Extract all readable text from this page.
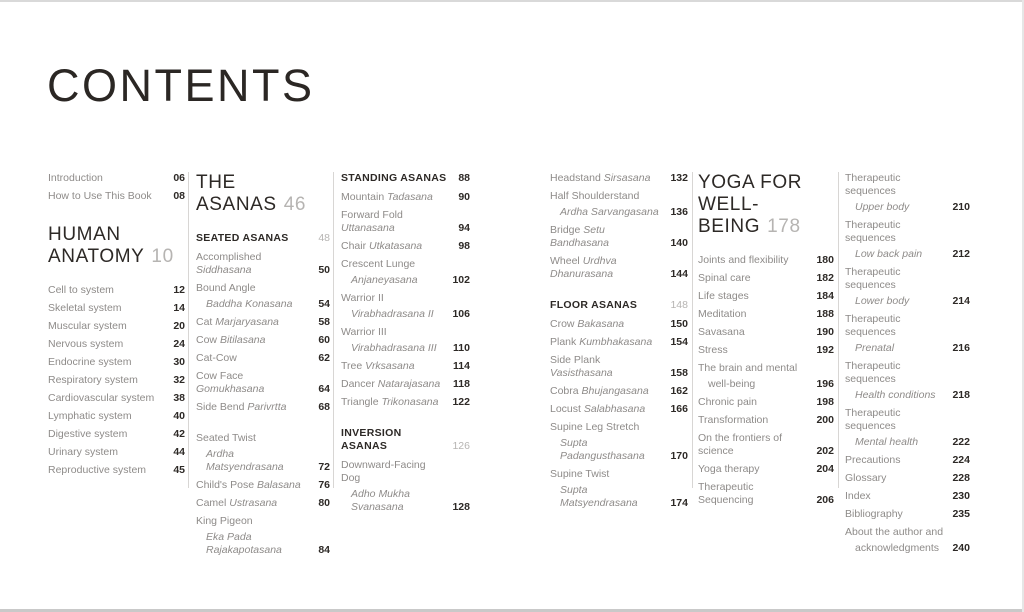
CONTENTS
Introduction	06
How to Use This Book	08
HUMAN
ANATOMY 10
Cell to system	12
Skeletal system	14
Muscular system	20
Nervous system	24
Endocrine system	30
Respiratory system	32
Cardiovascular system	38
Lymphatic system	40
Digestive system	42
Urinary system	44
Reproductive system	45
THE ASANAS 46
SEATED ASANAS	48
Accomplished Siddhasana	50
Bound Angle
Baddha Konasana	54
Cat Marjaryasana	58
Cow Bitilasana	60
Cat-Cow	62
Cow Face Gomukhasana	64
Side Bend Parivrtta	68
Seated Twist
Ardha Matsyendrasana	72
Child's Pose Balasana	76
Camel Ustrasana	80
King Pigeon
Eka Pada Rajakapotasana	84
STANDING ASANAS 88
Mountain Tadasana	90
Forward Fold Uttanasana	94
Chair Utkatasana	98
Crescent Lunge
Anjaneyasana	102
Warrior II
Virabhadrasana II	106
Warrior III
Virabhadrasana III	110
Tree Vrksasana	114
Dancer Natarajasana	118
Triangle Trikonasana	122
INVERSION ASANAS	126
Downward-Facing Dog
Adho Mukha Svanasana	128
Headstand Sirsasana	132
Half Shoulderstand
Ardha Sarvangasana	136
Bridge Setu Bandhasana	140
Wheel Urdhva Dhanurasana	144
FLOOR ASANAS	148
Crow Bakasana	150
Plank Kumbhakasana	154
Side Plank Vasisthasana	158
Cobra Bhujangasana	162
Locust Salabhasana	166
Supine Leg Stretch
Supta Padangusthasana	170
Supine Twist
Supta Matsyendrasana	174
YOGA FOR
WELL-BEING 178
Joints and flexibility	180
Spinal care	182
Life stages	184
Meditation	188
Savasana	190
Stress	192
The brain and mental
well-being	196
Chronic pain	198
Transformation	200
On the frontiers of science	202
Yoga therapy	204
Therapeutic Sequencing	206
Therapeutic sequences
Upper body	210
Therapeutic sequences
Low back pain	212
Therapeutic sequences
Lower body	214
Therapeutic sequences
Prenatal	216
Therapeutic sequences
Health conditions	218
Therapeutic sequences
Mental health	222
Precautions	224
Glossary	228
Index	230
Bibliography	235
About the author and
acknowledgments	240
